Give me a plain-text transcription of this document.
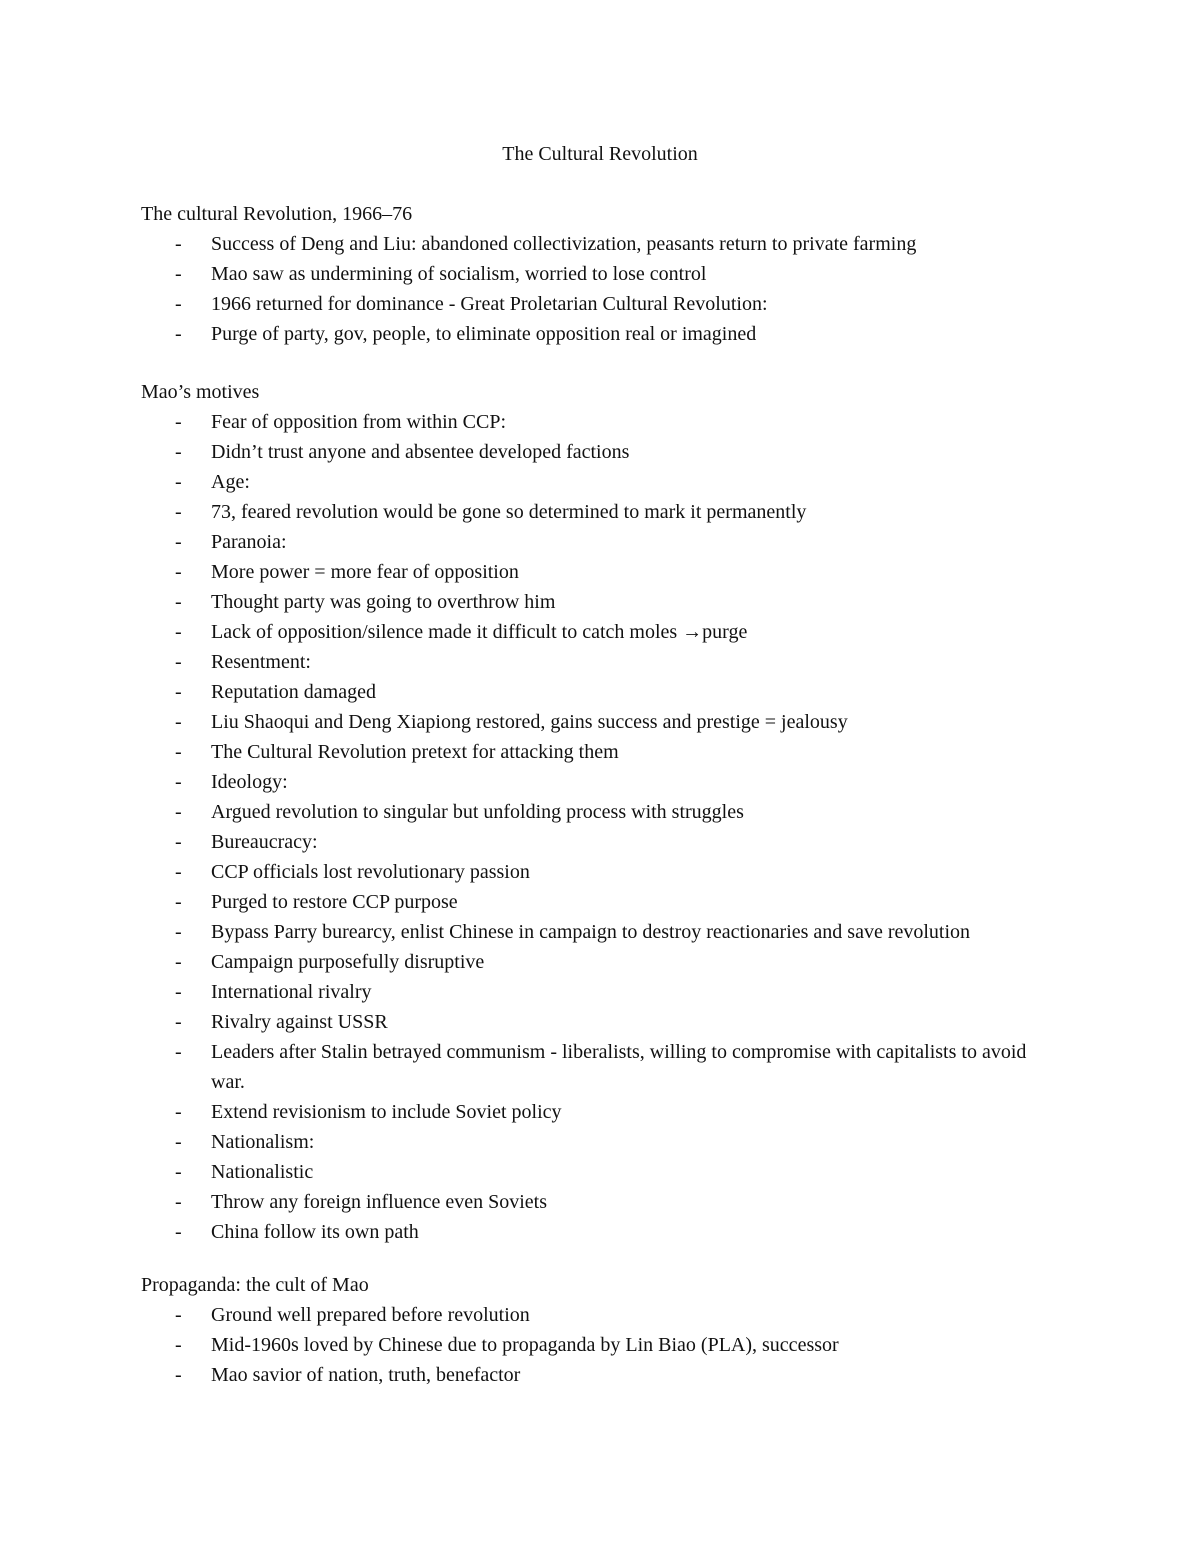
The Cultural Revolution
The cultural Revolution, 1966–76
- Success of Deng and Liu: abandoned collectivization, peasants return to private farming
- Mao saw as undermining of socialism, worried to lose control
- 1966 returned for dominance - Great Proletarian Cultural Revolution:
- Purge of party, gov, people, to eliminate opposition real or imagined
Mao’s motives
- Fear of opposition from within CCP:
- Didn’t trust anyone and absentee developed factions
- Age:
- 73, feared revolution would be gone so determined to mark it permanently
- Paranoia:
- More power = more fear of opposition
- Thought party was going to overthrow him
- Lack of opposition/silence made it difficult to catch moles →purge
- Resentment:
- Reputation damaged
- Liu Shaoqui and Deng Xiapiong restored, gains success and prestige = jealousy
- The Cultural Revolution pretext for attacking them
- Ideology:
- Argued revolution to singular but unfolding process with struggles
- Bureaucracy:
- CCP officials lost revolutionary passion
- Purged to restore CCP purpose
- Bypass Parry burearcy, enlist Chinese in campaign to destroy reactionaries and save revolution
- Campaign purposefully disruptive
- International rivalry
- Rivalry against USSR
- Leaders after Stalin betrayed communism - liberalists, willing to compromise with capitalists to avoid war.
- Extend revisionism to include Soviet policy
- Nationalism:
- Nationalistic
- Throw any foreign influence even Soviets
- China follow its own path
Propaganda: the cult of Mao
- Ground well prepared before revolution
- Mid-1960s loved by Chinese due to propaganda by Lin Biao (PLA), successor
- Mao savior of nation, truth, benefactor
